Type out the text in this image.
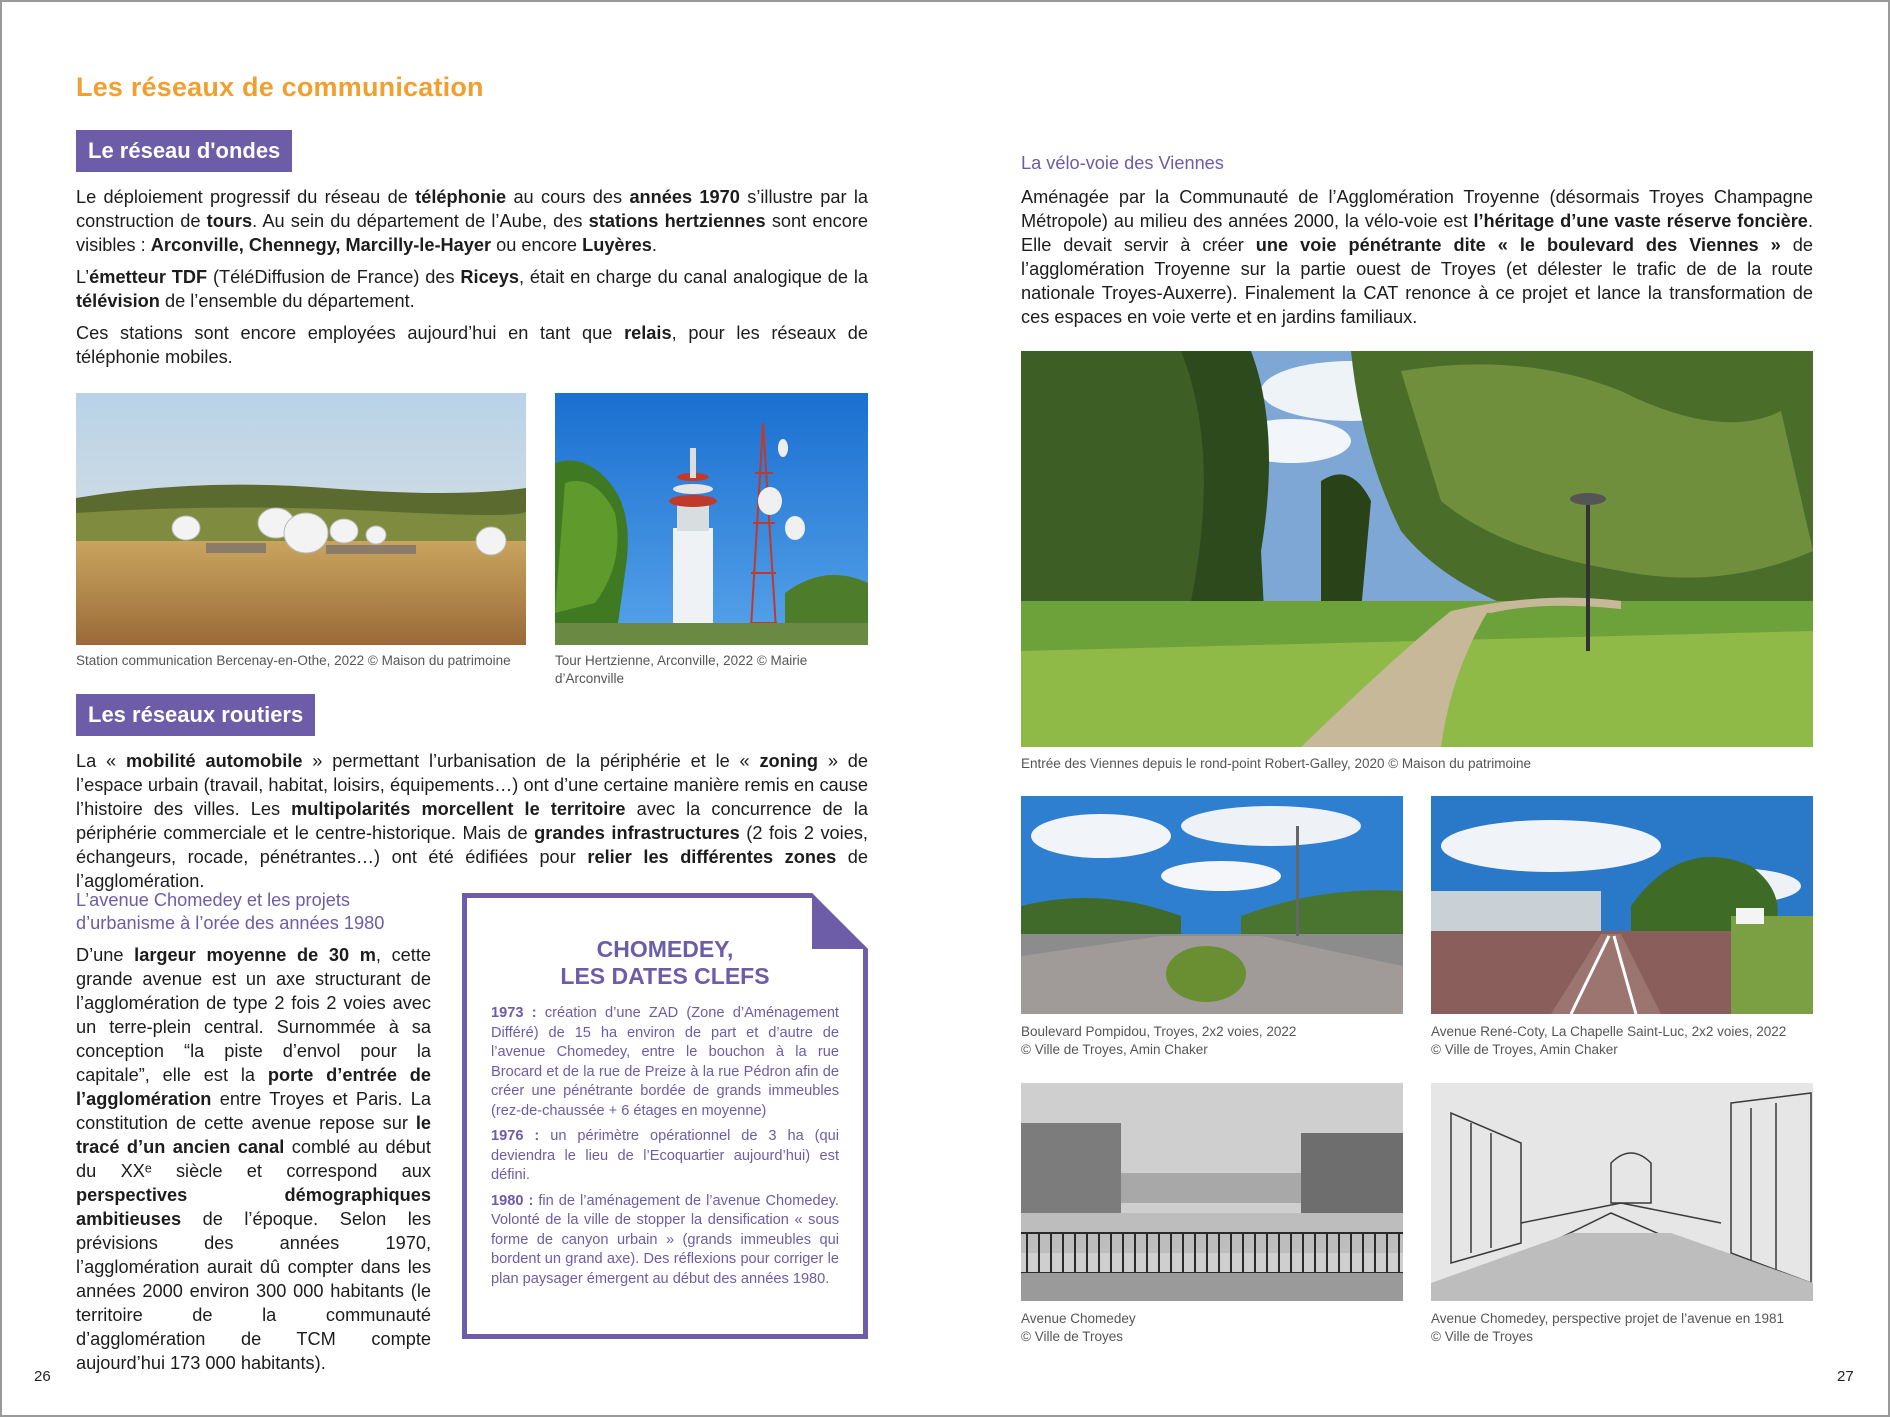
Les réseaux de communication
Le réseau d'ondes

Le déploiement progressif du réseau de téléphonie au cours des années 1970 s’illustre par la construction de tours. Au sein du département de l’Aube, des stations hertziennes sont encore visibles : Arconville, Chennegy, Marcilly-le-Hayer ou encore Luyères.

L’émetteur TDF (TéléDiffusion de France) des Riceys, était en charge du canal analogique de la télévision de l’ensemble du département.

Ces stations sont encore employées aujourd’hui en tant que relais, pour les réseaux de téléphonie mobiles.

Station communication Bercenay-en-Othe, 2022 © Maison du patrimoine	Tour Hertzienne, Arconville, 2022 © Mairie d’Arconville
Les réseaux routiers

La « mobilité automobile » permettant l’urbanisation de la périphérie et le « zoning » de l’espace urbain (travail, habitat, loisirs, équipements…) ont d’une certaine manière remis en cause l’histoire des villes. Les multipolarités morcellent le territoire avec la concurrence de la périphérie commerciale et le centre-historique. Mais de grandes infrastructures (2 fois 2 voies, échangeurs, rocade, pénétrantes…) ont été édifiées pour relier les différentes zones de l’agglomération.

L’avenue Chomedey et les projets d’urbanisme à l’orée des années 1980

D’une largeur moyenne de 30 m, cette grande avenue est un axe structurant de l’agglomération de type 2 fois 2 voies avec un terre-plein central. Surnommée à sa conception “la piste d’envol pour la capitale”, elle est la porte d’entrée de l’agglomération entre Troyes et Paris. La constitution de cette avenue repose sur le tracé d’un ancien canal comblé au début du XXᵉ siècle et correspond aux perspectives démographiques ambitieuses de l’époque. Selon les prévisions des années 1970, l’agglomération aurait dû compter dans les années 2000 environ 300 000 habitants (le territoire de la communauté d’agglomération de TCM compte aujourd’hui 173 000 habitants).

CHOMEDEY,
LES DATES CLEFS

1973 : création d’une ZAD (Zone d’Aménagement Différé) de 15 ha environ de part et d’autre de l’avenue Chomedey, entre le bouchon à la rue Brocard et de la rue de Preize à la rue Pédron afin de créer une pénétrante bordée de grands immeubles (rez-de-chaussée + 6 étages en moyenne)

1976 : un périmètre opérationnel de 3 ha (qui deviendra le lieu de l’Ecoquartier aujourd’hui) est défini.

1980 : fin de l’aménagement de l’avenue Chomedey. Volonté de la ville de stopper la densification « sous forme de canyon urbain » (grands immeubles qui bordent un grand axe). Des réflexions pour corriger le plan paysager émergent au début des années 1980.

26
La vélo-voie des Viennes

Aménagée par la Communauté de l’Agglomération Troyenne (désormais Troyes Champagne Métropole) au milieu des années 2000, la vélo-voie est l’héritage d’une vaste réserve foncière. Elle devait servir à créer une voie pénétrante dite « le boulevard des Viennes » de l’agglomération Troyenne sur la partie ouest de Troyes (et délester le trafic de de la route nationale Troyes-Auxerre). Finalement la CAT renonce à ce projet et lance la transformation de ces espaces en voie verte et en jardins familiaux.

Entrée des Viennes depuis le rond-point Robert-Galley, 2020 © Maison du patrimoine
Boulevard Pompidou, Troyes, 2x2 voies, 2022
© Ville de Troyes, Amin Chaker
Avenue René-Coty, La Chapelle Saint-Luc, 2x2 voies, 2022
© Ville de Troyes, Amin Chaker
Avenue Chomedey
© Ville de Troyes
Avenue Chomedey, perspective projet de l’avenue en 1981
© Ville de Troyes
27
